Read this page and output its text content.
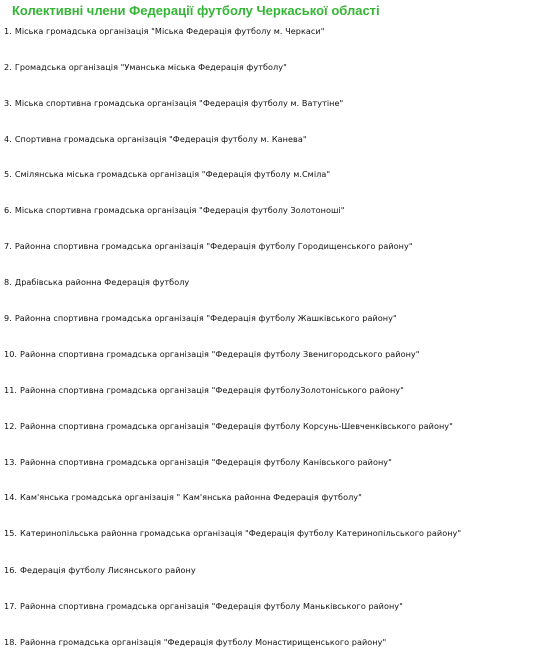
Колективні члени Федерації футболу Черкаської області
1. Міська громадська організація "Міська Федерація футболу м. Черкаси"
2. Громадська організація "Уманська міська Федерація футболу"
3. Міська спортивна громадська організація "Федерація футболу м. Ватутіне"
4. Спортивна громадська організація "Федерація футболу м. Канева"
5. Смілянська міська громадська організація "Федерація футболу м.Сміла"
6. Міська спортивна громадська організація "Федерація футболу Золотоноші"
7. Районна спортивна громадська організація "Федерація футболу Городищенського району"
8. Драбівська районна Федерація футболу
9. Районна спортивна громадська організація "Федерація футболу Жашківського району"
10. Районна спортивна громадська організація "Федерація футболу Звенигородського району"
11. Районна спортивна громадська організація "Федерація футболуЗолотоніського району"
12. Районна спортивна громадська організація "Федерація футболу Корсунь-Шевченківського району"
13. Районна спортивна громадська організація "Федерація футболу Канівського району"
14. Кам'янська громадська організація " Кам'янська районна Федерація футболу"
15. Катеринопільська районна громадська організація "Федерація футболу Катеринопільського району"
16. Федерація футболу Лисянського району
17. Районна спортивна громадська організація "Федерація футболу Маньківського району"
18. Районна громадська організація "Федерація футболу Монастирищенського району"
